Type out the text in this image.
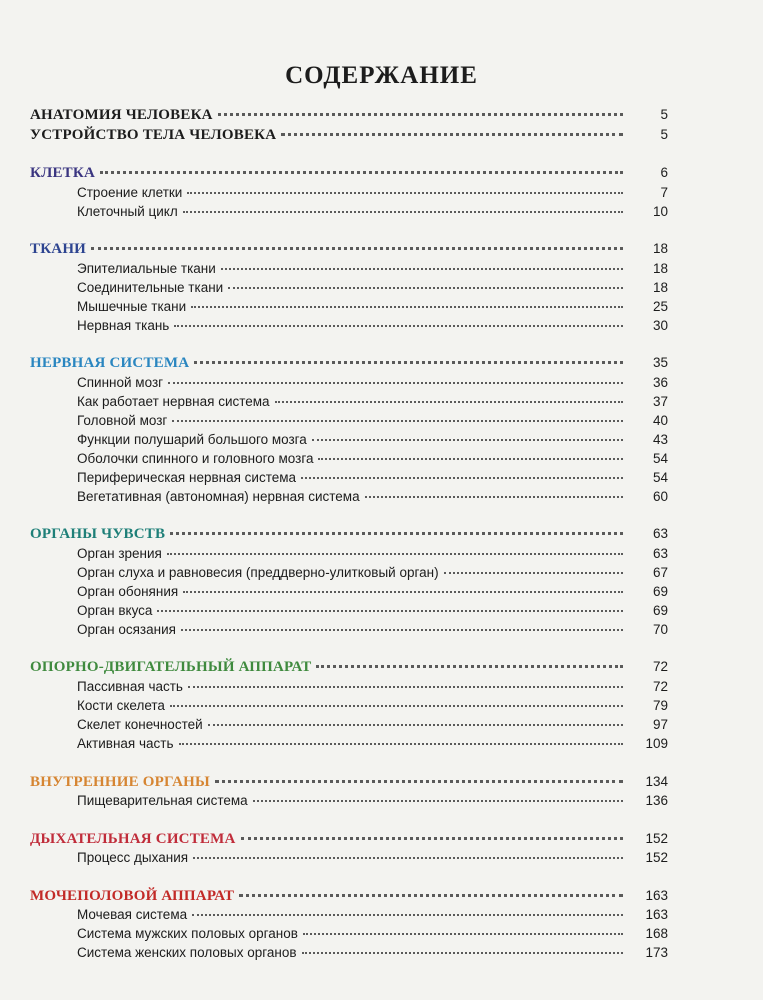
СОДЕРЖАНИЕ
АНАТОМИЯ ЧЕЛОВЕКА	5
УСТРОЙСТВО ТЕЛА ЧЕЛОВЕКА	5
КЛЕТКА	6
Строение клетки	7
Клеточный цикл	10
ТКАНИ	18
Эпителиальные ткани	18
Соединительные ткани	18
Мышечные ткани	25
Нервная ткань	30
НЕРВНАЯ СИСТЕМА	35
Спинной мозг	36
Как работает нервная система	37
Головной мозг	40
Функции полушарий большого мозга	43
Оболочки спинного и головного мозга	54
Периферическая нервная система	54
Вегетативная (автономная) нервная система	60
ОРГАНЫ ЧУВСТВ	63
Орган зрения	63
Орган слуха и равновесия (преддверно-улитковый орган)	67
Орган обоняния	69
Орган вкуса	69
Орган осязания	70
ОПОРНО-ДВИГАТЕЛЬНЫЙ АППАРАТ	72
Пассивная часть	72
Кости скелета	79
Скелет конечностей	97
Активная часть	109
ВНУТРЕННИЕ ОРГАНЫ	134
Пищеварительная система	136
ДЫХАТЕЛЬНАЯ СИСТЕМА	152
Процесс дыхания	152
МОЧЕПОЛОВОЙ АППАРАТ	163
Мочевая система	163
Система мужских половых органов	168
Система женских половых органов	173
